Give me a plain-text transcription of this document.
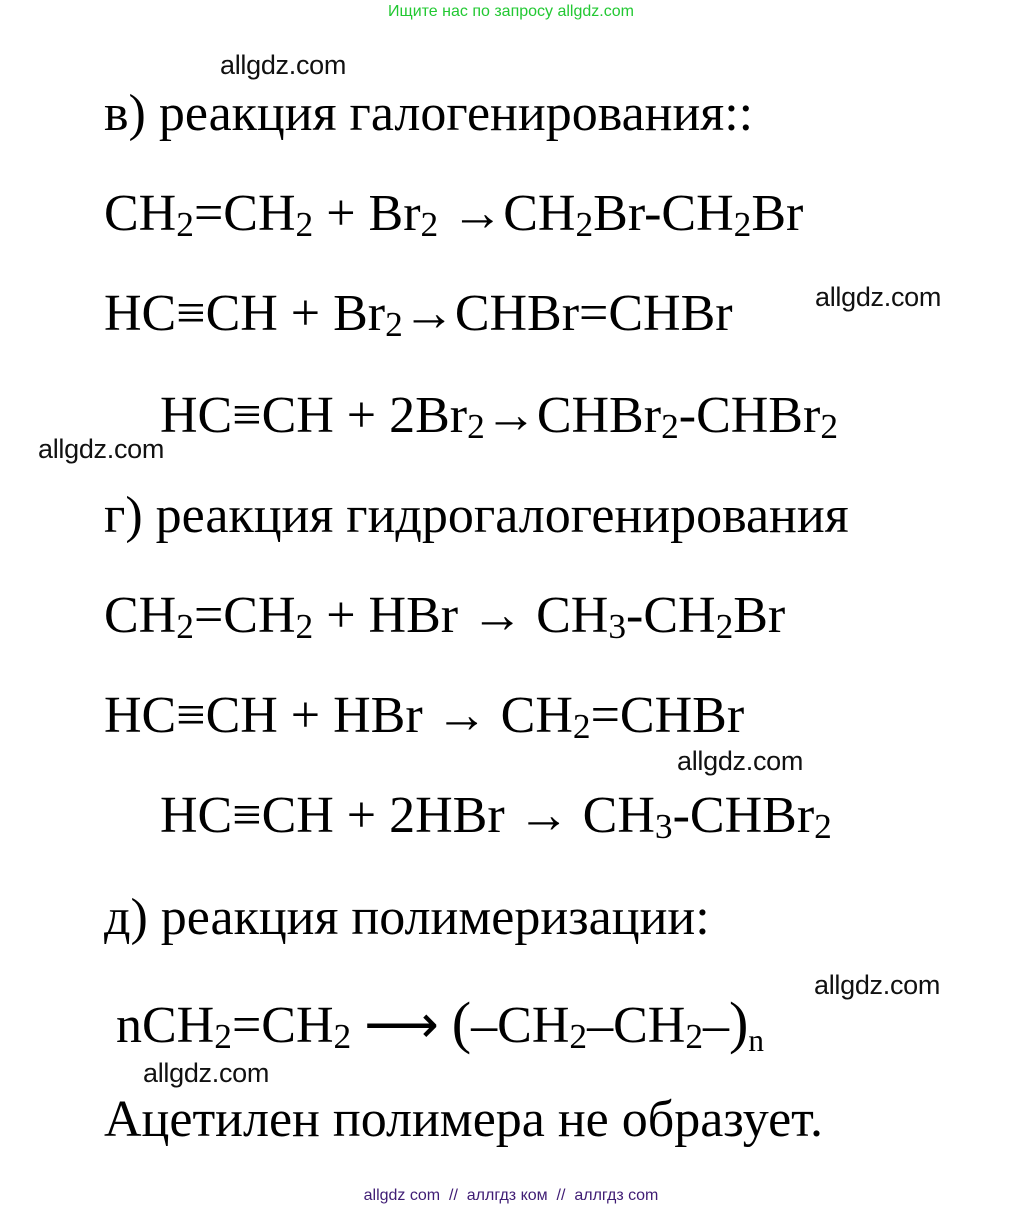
Ищите нас по запросу allgdz.com
allgdz.com
allgdz.com
allgdz.com
allgdz.com
allgdz.com
allgdz.com
в) реакция галогенирования::
CH2=CH2 + Br2 →CH2Br-CH2Br
HC≡CH + Br2→CHBr=CHBr
HC≡CH + 2Br2→CHBr2-CHBr2
г) реакция гидрогалогенирования
CH2=CH2 + HBr → CH3-CH2Br
HC≡CH + HBr → CH2=CHBr
HC≡CH + 2HBr → CH3-CHBr2
д) реакция полимеризации:
nCH2=CH2 ⟶ (–CH2–CH2–)n
Ацетилен полимера не образует.
allgdz com  //  аллгдз ком  //  аллгдз com
